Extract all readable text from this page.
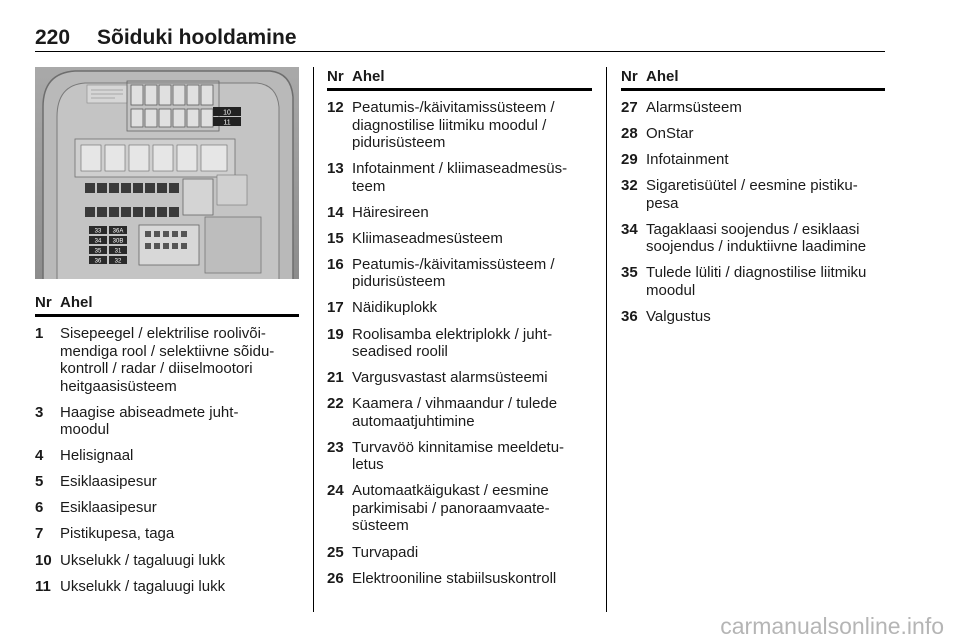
220 Sõiduki hooldamine
10
11
33 36A
34 30B
35 31
36 32
Nr Ahel
1 Sisepeegel / elektrilise roolivõi-
mendiga rool / selektiivne sõidu-
kontroll / radar / diiselmootori
heitgaasisüsteem
3 Haagise abiseadmete juht-
moodul
4 Helisignaal
5 Esiklaasipesur
6 Esiklaasipesur
7 Pistikupesa, taga
10 Ukselukk / tagaluugi lukk
11 Ukselukk / tagaluugi lukk
Nr Ahel
12 Peatumis-/käivitamissüsteem /
diagnostilise liitmiku moodul /
pidurisüsteem
13 Infotainment / kliimaseadmesüs-
teem
14 Häiresireen
15 Kliimaseadmesüsteem
16 Peatumis-/käivitamissüsteem /
pidurisüsteem
17 Näidikuplokk
19 Roolisamba elektriplokk / juht-
seadised roolil
21 Vargusvastast alarmsüsteemi
22 Kaamera / vihmaandur / tulede
automaatjuhtimine
23 Turvavöö kinnitamise meeldetu-
letus
24 Automaatkäigukast / eesmine
parkimisabi / panoraamvaate-
süsteem
25 Turvapadi
26 Elektrooniline stabiilsuskontroll
Nr Ahel
27 Alarmsüsteem
28 OnStar
29 Infotainment
32 Sigaretisüütel / eesmine pistiku-
pesa
34 Tagaklaasi soojendus / esiklaasi
soojendus / induktiivne laadimine
35 Tulede lüliti / diagnostilise liitmiku
moodul
36 Valgustus
carmanualsonline.info
